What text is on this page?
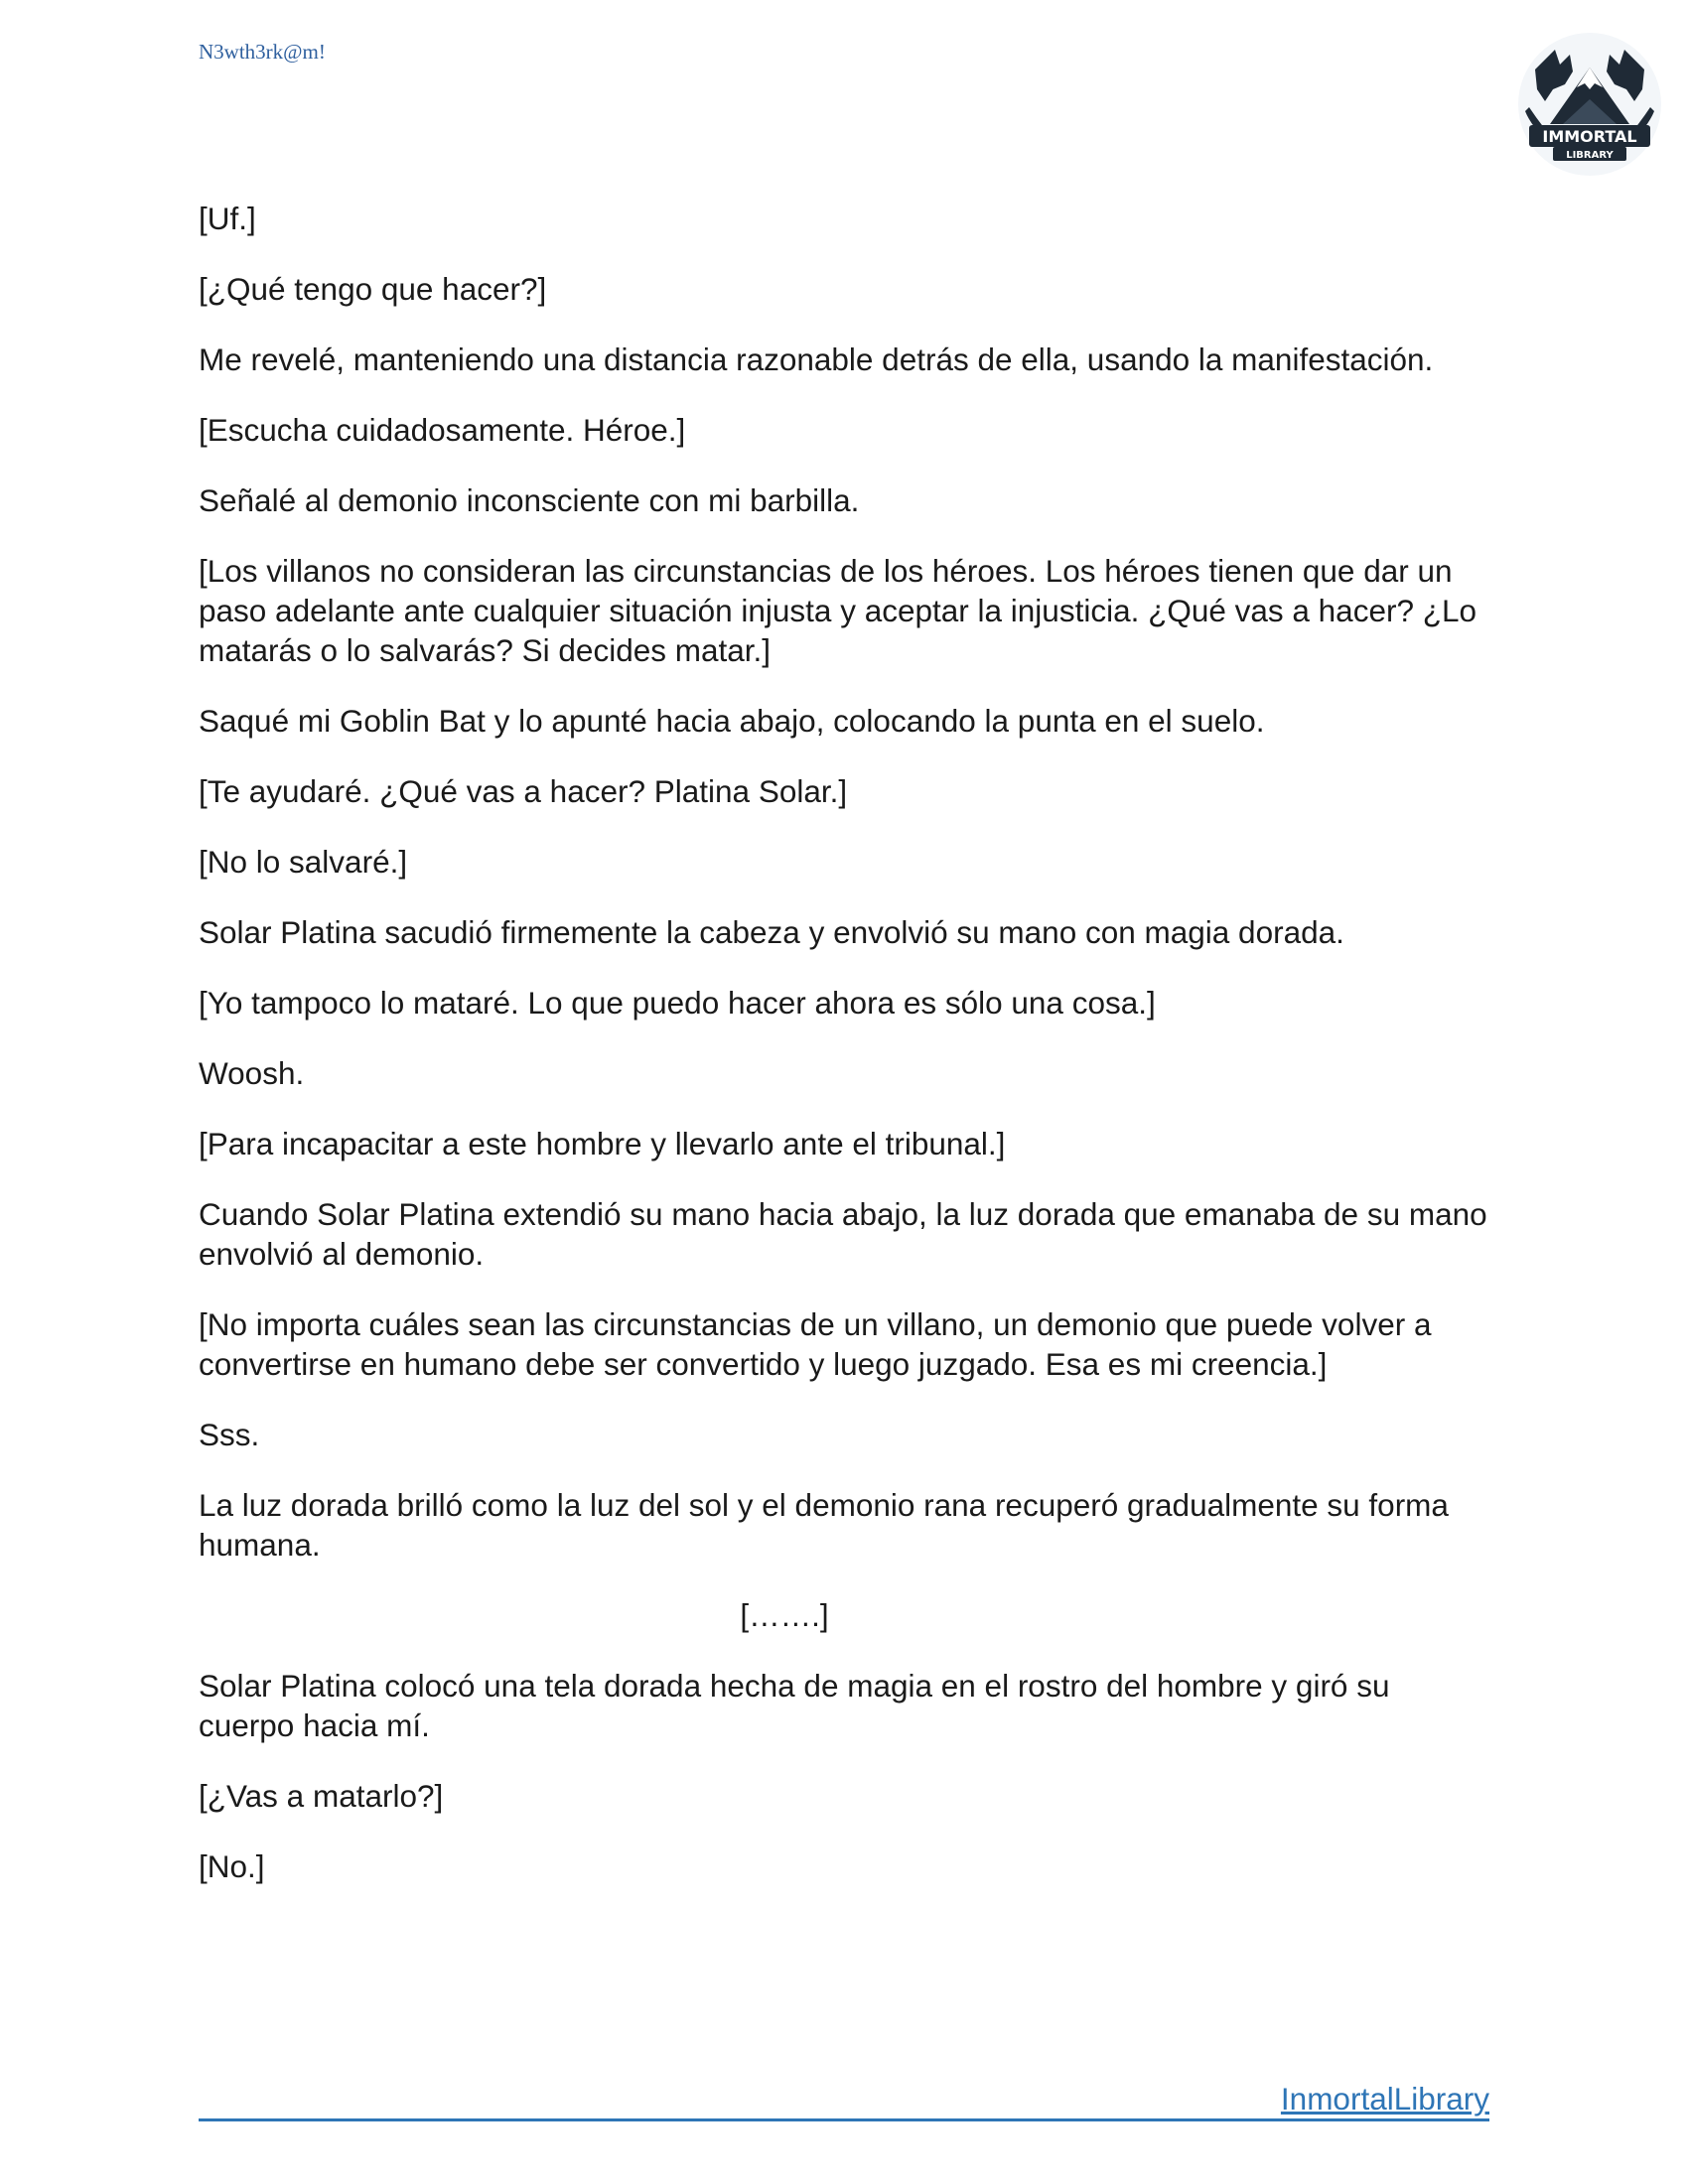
N3wth3rk@m!

IMMORTAL
LIBRARY

[Uf.]

[¿Qué tengo que hacer?]

Me revelé, manteniendo una distancia razonable detrás de ella, usando la manifestación.

[Escucha cuidadosamente. Héroe.]

Señalé al demonio inconsciente con mi barbilla.

[Los villanos no consideran las circunstancias de los héroes. Los héroes tienen que dar un paso adelante ante cualquier situación injusta y aceptar la injusticia. ¿Qué vas a hacer? ¿Lo matarás o lo salvarás? Si decides matar.]

Saqué mi Goblin Bat y lo apunté hacia abajo, colocando la punta en el suelo.

[Te ayudaré. ¿Qué vas a hacer? Platina Solar.]

[No lo salvaré.]

Solar Platina sacudió firmemente la cabeza y envolvió su mano con magia dorada.

[Yo tampoco lo mataré. Lo que puedo hacer ahora es sólo una cosa.]

Woosh.

[Para incapacitar a este hombre y llevarlo ante el tribunal.]

Cuando Solar Platina extendió su mano hacia abajo, la luz dorada que emanaba de su mano envolvió al demonio.

[No importa cuáles sean las circunstancias de un villano, un demonio que puede volver a convertirse en humano debe ser convertido y luego juzgado. Esa es mi creencia.]

Sss.

La luz dorada brilló como la luz del sol y el demonio rana recuperó gradualmente su forma humana.

[…….]

Solar Platina colocó una tela dorada hecha de magia en el rostro del hombre y giró su cuerpo hacia mí.

[¿Vas a matarlo?]

[No.]

InmortalLibrary
